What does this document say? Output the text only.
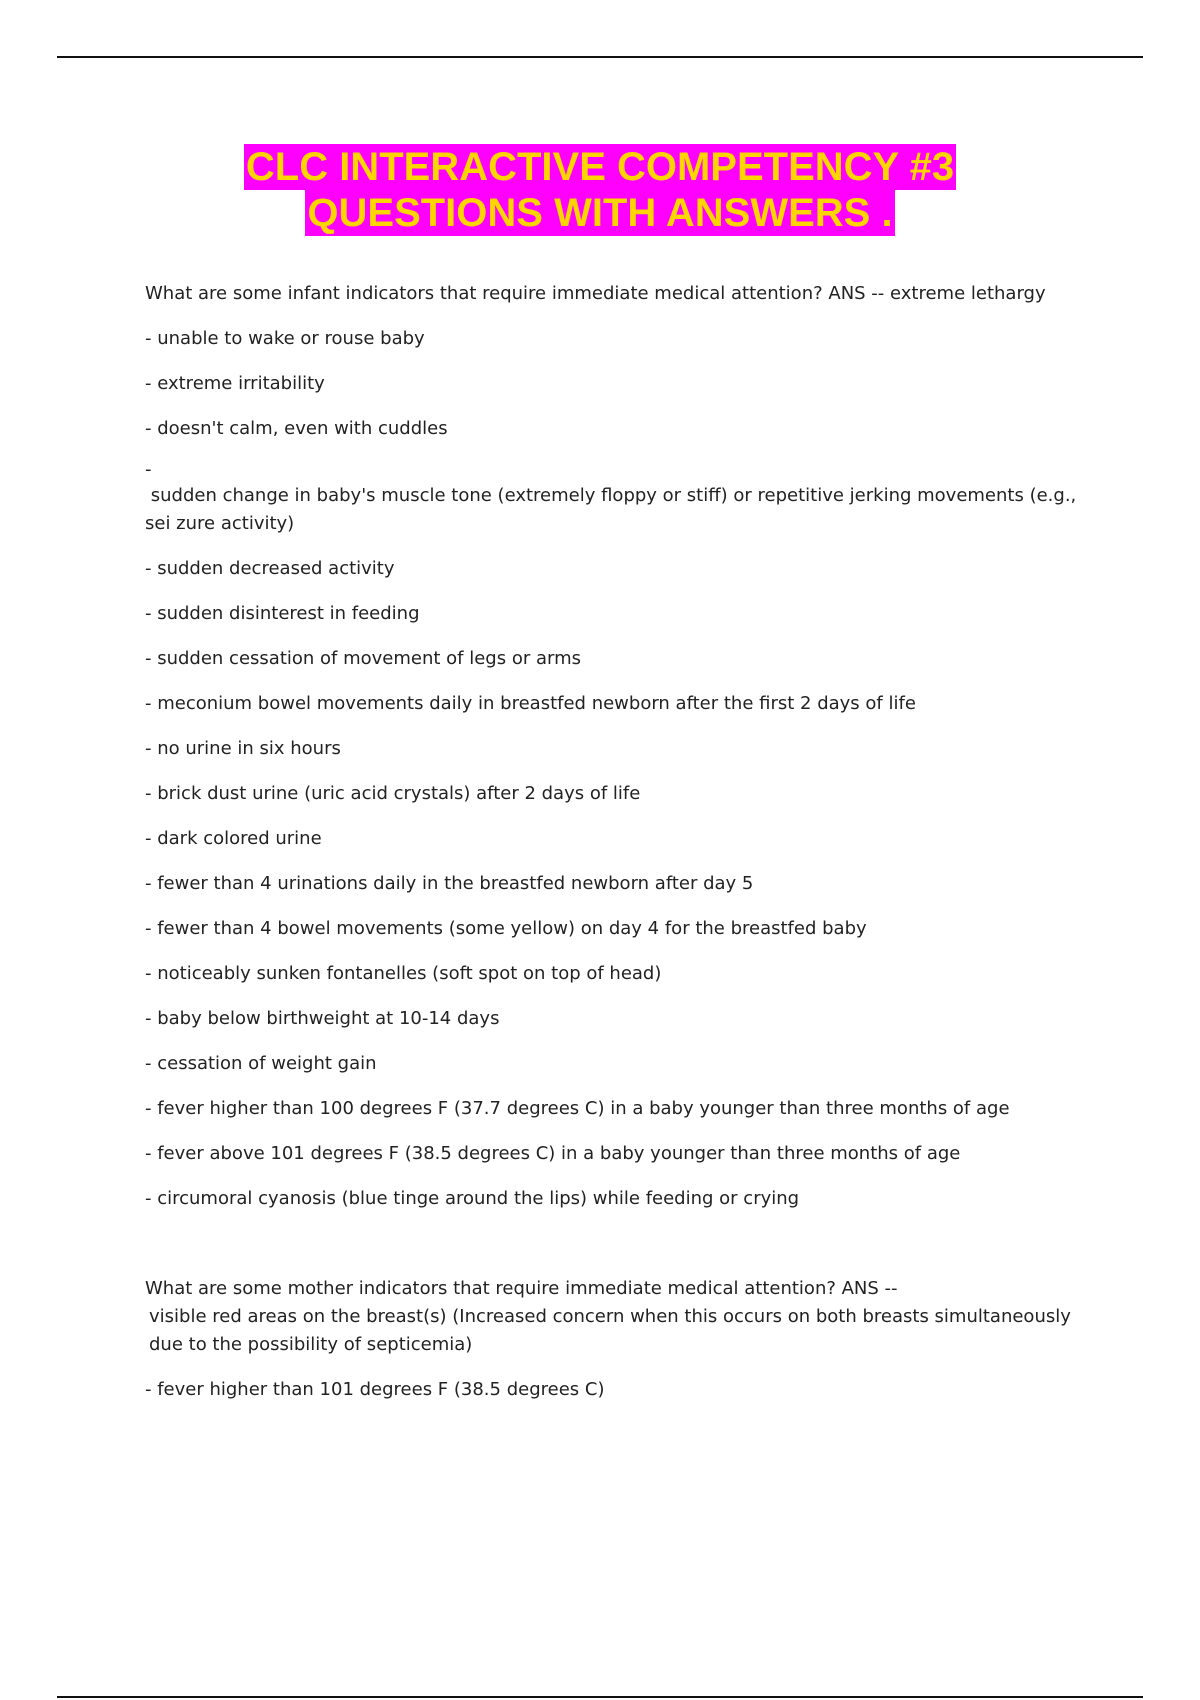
CLC INTERACTIVE COMPETENCY #3
QUESTIONS WITH ANSWERS .

What are some infant indicators that require immediate medical attention? ANS -- extreme lethargy

- unable to wake or rouse baby

- extreme irritability

- doesn't calm, even with cuddles

-

sudden change in baby's muscle tone (extremely floppy or stiff) or repetitive jerking movements (e.g., sei zure activity)

- sudden decreased activity

- sudden disinterest in feeding

- sudden cessation of movement of legs or arms

- meconium bowel movements daily in breastfed newborn after the first 2 days of life

- no urine in six hours

- brick dust urine (uric acid crystals) after 2 days of life

- dark colored urine

- fewer than 4 urinations daily in the breastfed newborn after day 5

- fewer than 4 bowel movements (some yellow) on day 4 for the breastfed baby

- noticeably sunken fontanelles (soft spot on top of head)

- baby below birthweight at 10-14 days

- cessation of weight gain

- fever higher than 100 degrees F (37.7 degrees C) in a baby younger than three months of age

- fever above 101 degrees F (38.5 degrees C) in a baby younger than three months of age

- circumoral cyanosis (blue tinge around the lips) while feeding or crying

What are some mother indicators that require immediate medical attention? ANS --

visible red areas on the breast(s) (Increased concern when this occurs on both breasts simultaneously due to the possibility of septicemia)

- fever higher than 101 degrees F (38.5 degrees C)
